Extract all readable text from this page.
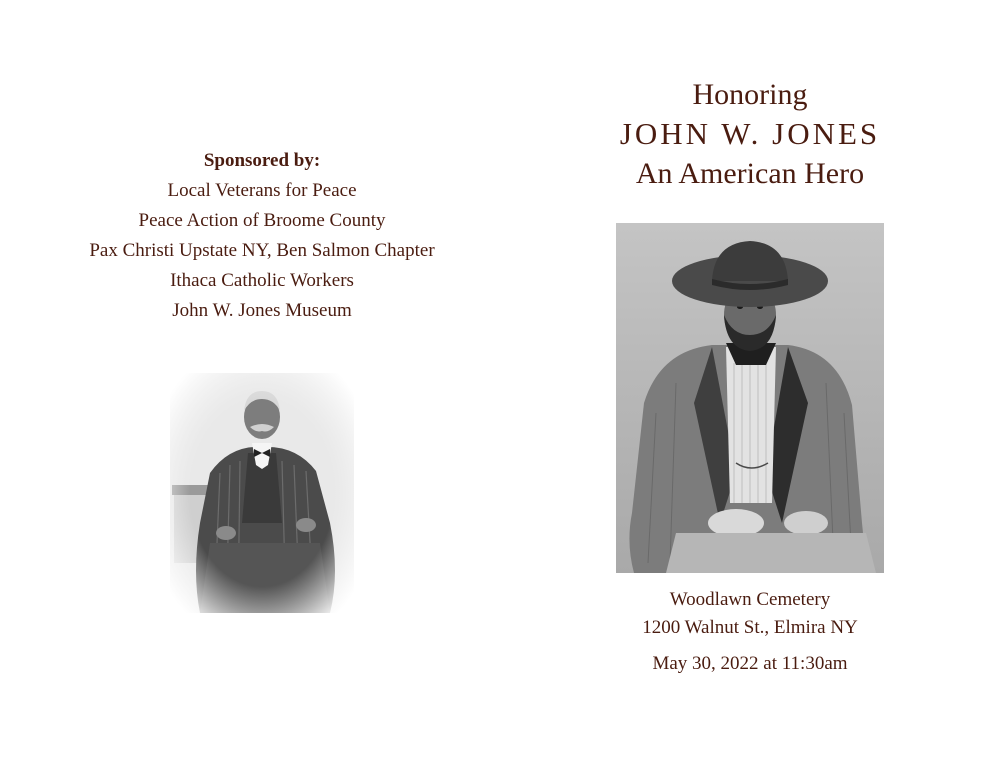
Sponsored by:

Local Veterans for Peace
Peace Action of Broome County
Pax Christi Upstate NY, Ben Salmon Chapter
Ithaca Catholic Workers
John W. Jones Museum

Honoring

JOHN W. JONES

An American Hero

Woodlawn Cemetery

1200 Walnut St., Elmira NY

May 30, 2022 at 11:30am
